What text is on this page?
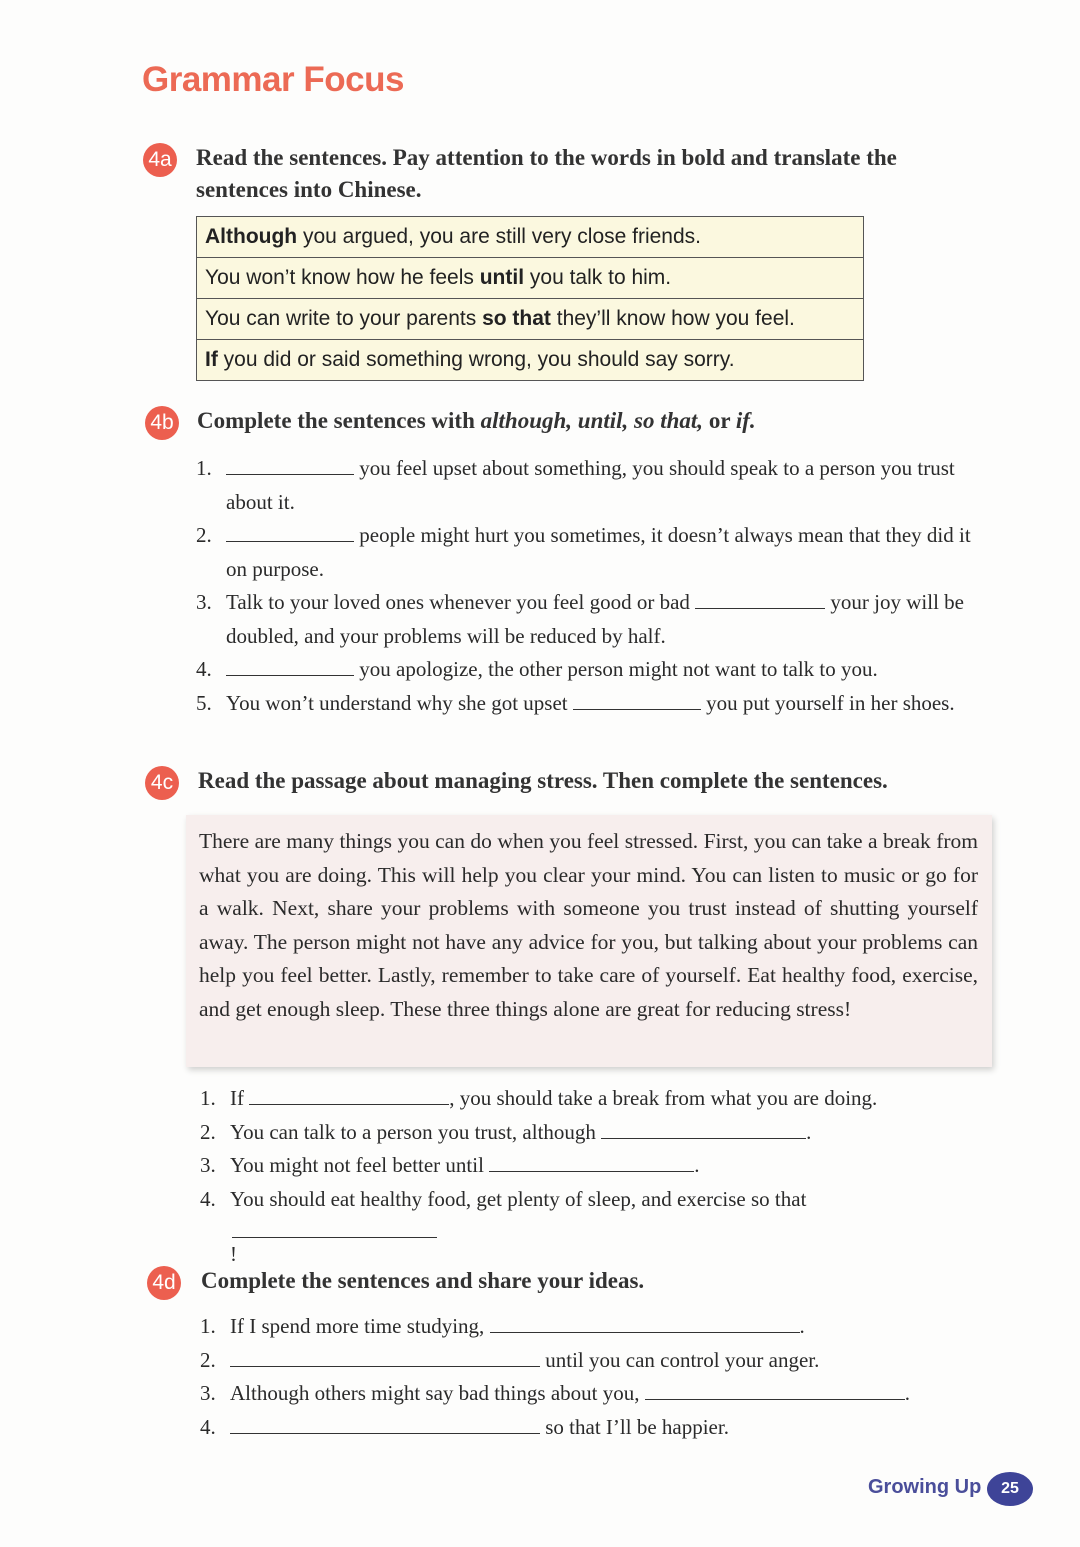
Grammar Focus
4a Read the sentences. Pay attention to the words in bold and translate the sentences into Chinese.
Although you argued, you are still very close friends.
You won’t know how he feels until you talk to him.
You can write to your parents so that they’ll know how you feel.
If you did or said something wrong, you should say sorry.
4b Complete the sentences with although, until, so that, or if.
1.	you feel upset about something, you should speak to a person you trust about it.
2.	people might hurt you sometimes, it doesn’t always mean that they did it on purpose.
3. Talk to your loved ones whenever you feel good or bad	your joy will be doubled, and your problems will be reduced by half.
4.	you apologize, the other person might not want to talk to you.
5. You won’t understand why she got upset	you put yourself in her shoes.
4c Read the passage about managing stress. Then complete the sentences.

There are many things you can do when you feel stressed. First, you can take a break from what you are doing. This will help you clear your mind. You can listen to music or go for a walk. Next, share your problems with someone you trust instead of shutting yourself away. The person might not have any advice for you, but talking about your problems can help you feel better. Lastly, remember to take care of yourself. Eat healthy food, exercise, and get enough sleep. These three things alone are great for reducing stress!

1. If	, you should take a break from what you are doing.
2. You can talk to a person you trust, although	.
3. You might not feel better until	.
4. You should eat healthy food, get plenty of sleep, and exercise so that
!
4d Complete the sentences and share your ideas.
1. If I spend more time studying,	.
2.	until you can control your anger.
3. Although others might say bad things about you,	.
4.	so that I’ll be happier.
Growing Up	25
